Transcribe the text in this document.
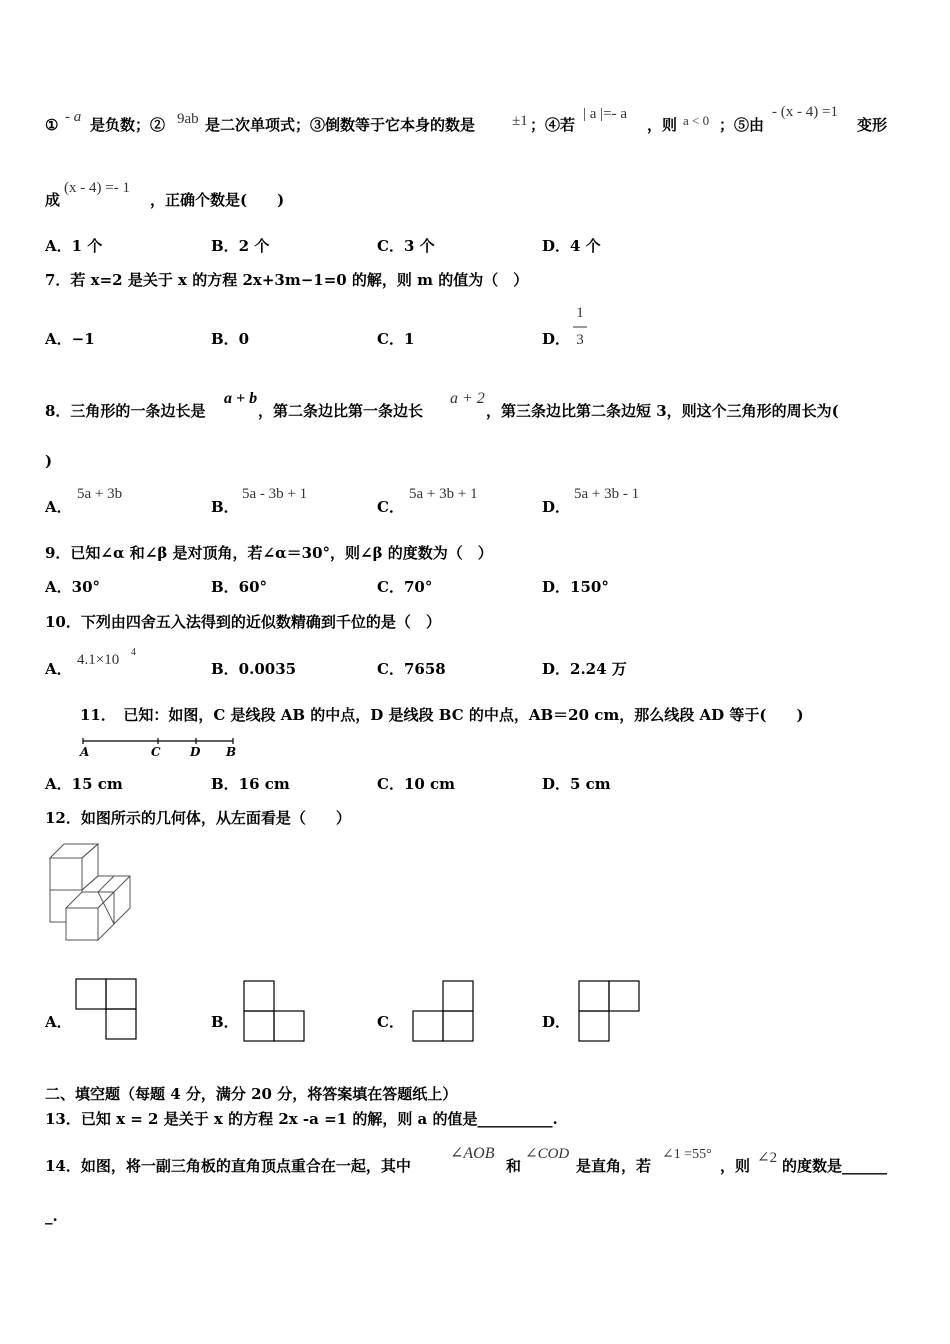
① - a 是负数；② 9ab 是二次单项式；③倒数等于它本身的数是 ±1 ；④若
| a |=- a
，则 a < 0 ；⑤由
- (x - 4) =1
变形
成
(x - 4) =- 1
，正确个数是(　　)
A．1 个	B．2 个	C．3 个	D．4 个
7．若 x=2 是关于 x 的方程 2x+3m−1=0 的解，则 m 的值为（　）
A．−1	B．0	C．1	D．
1
3
8．三角形的一条边长是
a + b
，第二条边比第一条边长
a + 2
，第三条边比第二条边短 3，则这个三角形的周长为(
)
A．
5a + 3b
B．
5a - 3b + 1
C．
5a + 3b + 1
D．
5a + 3b - 1
9．已知∠α 和∠β 是对顶角，若∠α＝30°，则∠β 的度数为（　）
A．30°	B．60°	C．70°	D．150°
10．下列由四舍五入法得到的近似数精确到千位的是（　）
A． 4.1×10 4
B．0.0035	C．7658	D．2.24 万
11．　已知：如图，C 是线段 AB 的中点，D 是线段 BC 的中点，AB＝20 cm，那么线段 AD 等于(　　)
A	C D B
A．15 cm	B．16 cm	C．10 cm	D．5 cm
12．如图所示的几何体，从左面看是（　　）
A．	B．	C．	D．
二、填空题（每题 4 分，满分 20 分，将答案填在答题纸上）
13．已知 x = 2 是关于 x 的方程 2x -a =1 的解，则 a 的值是__________.
14．如图，将一副三角板的直角顶点重合在一起，其中
∠AOB
和
∠COD
是直角，若
∠1 =55°
，则 ∠2 的度数是______
_.
